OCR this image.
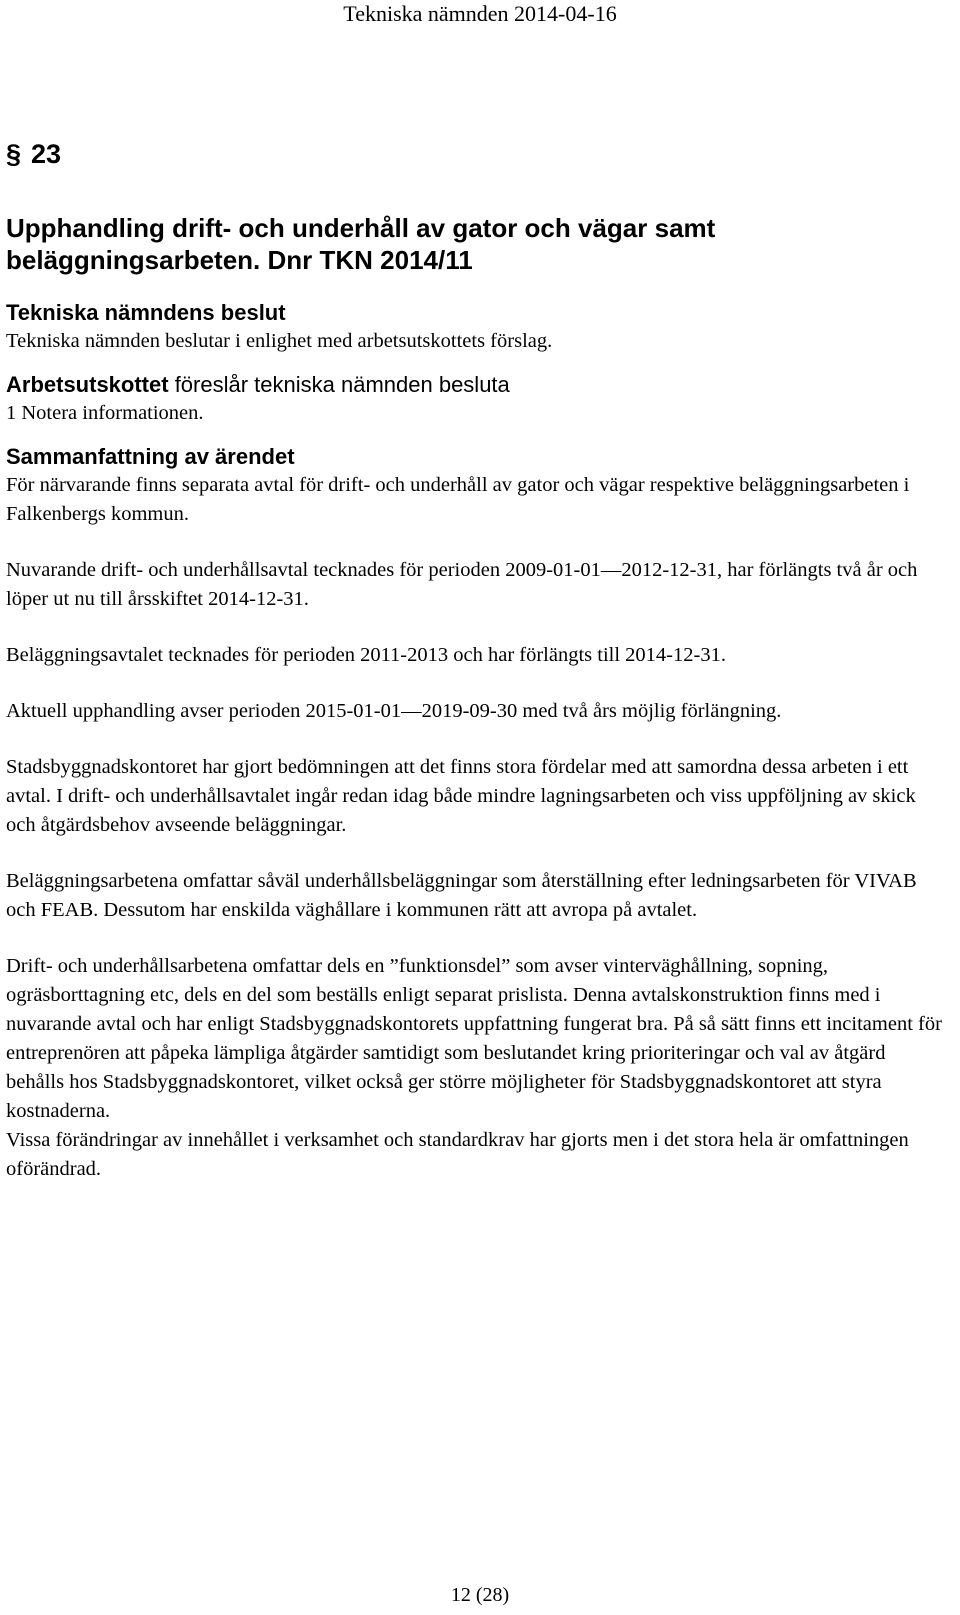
Tekniska nämnden 2014-04-16

§ 23

Upphandling drift- och underhåll av gator och vägar samt
beläggningsarbeten. Dnr TKN 2014/11

Tekniska nämndens beslut

Tekniska nämnden beslutar i enlighet med arbetsutskottets förslag.

Arbetsutskottet föreslår tekniska nämnden besluta

1 Notera informationen.

Sammanfattning av ärendet

För närvarande finns separata avtal för drift- och underhåll av gator och vägar respektive beläggningsarbeten i Falkenbergs kommun.

Nuvarande drift- och underhållsavtal tecknades för perioden 2009-01-01—2012-12-31, har förlängts två år och löper ut nu till årsskiftet 2014-12-31.

Beläggningsavtalet tecknades för perioden 2011-2013 och har förlängts till 2014-12-31.

Aktuell upphandling avser perioden 2015-01-01—2019-09-30 med två års möjlig förlängning.

Stadsbyggnadskontoret har gjort bedömningen att det finns stora fördelar med att samordna dessa arbeten i ett avtal. I drift- och underhållsavtalet ingår redan idag både mindre lagningsarbeten och viss uppföljning av skick och åtgärdsbehov avseende beläggningar.

Beläggningsarbetena omfattar såväl underhållsbeläggningar som återställning efter ledningsarbeten för VIVAB och FEAB. Dessutom har enskilda väghållare i kommunen rätt att avropa på avtalet.

Drift- och underhållsarbetena omfattar dels en ”funktionsdel” som avser vinterväghållning, sopning, ogräsborttagning etc, dels en del som beställs enligt separat prislista. Denna avtalskonstruktion finns med i nuvarande avtal och har enligt Stadsbyggnadskontorets uppfattning fungerat bra. På så sätt finns ett incitament för entreprenören att påpeka lämpliga åtgärder samtidigt som beslutandet kring prioriteringar och val av åtgärd behålls hos Stadsbyggnadskontoret, vilket också ger större möjligheter för Stadsbyggnadskontoret att styra kostnaderna.

Vissa förändringar av innehållet i verksamhet och standardkrav har gjorts men i det stora hela är omfattningen oförändrad.

12 (28)
